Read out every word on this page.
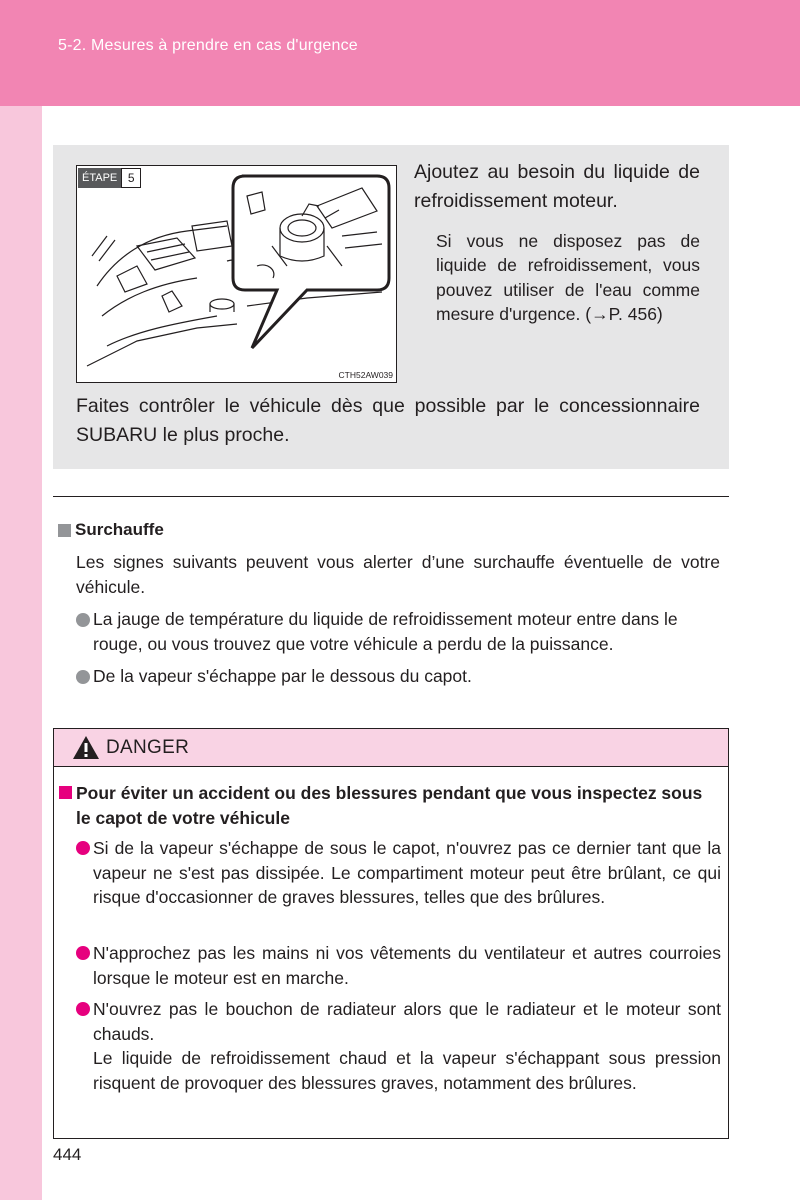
5-2. Mesures à prendre en cas d'urgence
ÉTAPE 5
CTH52AW039
Ajoutez au besoin du liquide de refroidissement moteur.
Si vous ne disposez pas de liquide de refroidissement, vous pouvez utiliser de l'eau comme mesure d'urgence. (→P. 456)
Faites contrôler le véhicule dès que possible par le concessionnaire SUBARU le plus proche.
Surchauffe
Les signes suivants peuvent vous alerter d’une surchauffe éventuelle de votre véhicule.
La jauge de température du liquide de refroidissement moteur entre dans le rouge, ou vous trouvez que votre véhicule a perdu de la puissance.
De la vapeur s'échappe par le dessous du capot.
DANGER
Pour éviter un accident ou des blessures pendant que vous inspectez sous le capot de votre véhicule

Si de la vapeur s'échappe de sous le capot, n'ouvrez pas ce dernier tant que la vapeur ne s'est pas dissipée. Le compartiment moteur peut être brûlant, ce qui risque d'occasionner de graves blessures, telles que des brûlures.

N'approchez pas les mains ni vos vêtements du ventilateur et autres courroies lorsque le moteur est en marche.

N'ouvrez pas le bouchon de radiateur alors que le radiateur et le moteur sont chauds.

Le liquide de refroidissement chaud et la vapeur s'échappant sous pression risquent de provoquer des blessures graves, notamment des brûlures.

444
